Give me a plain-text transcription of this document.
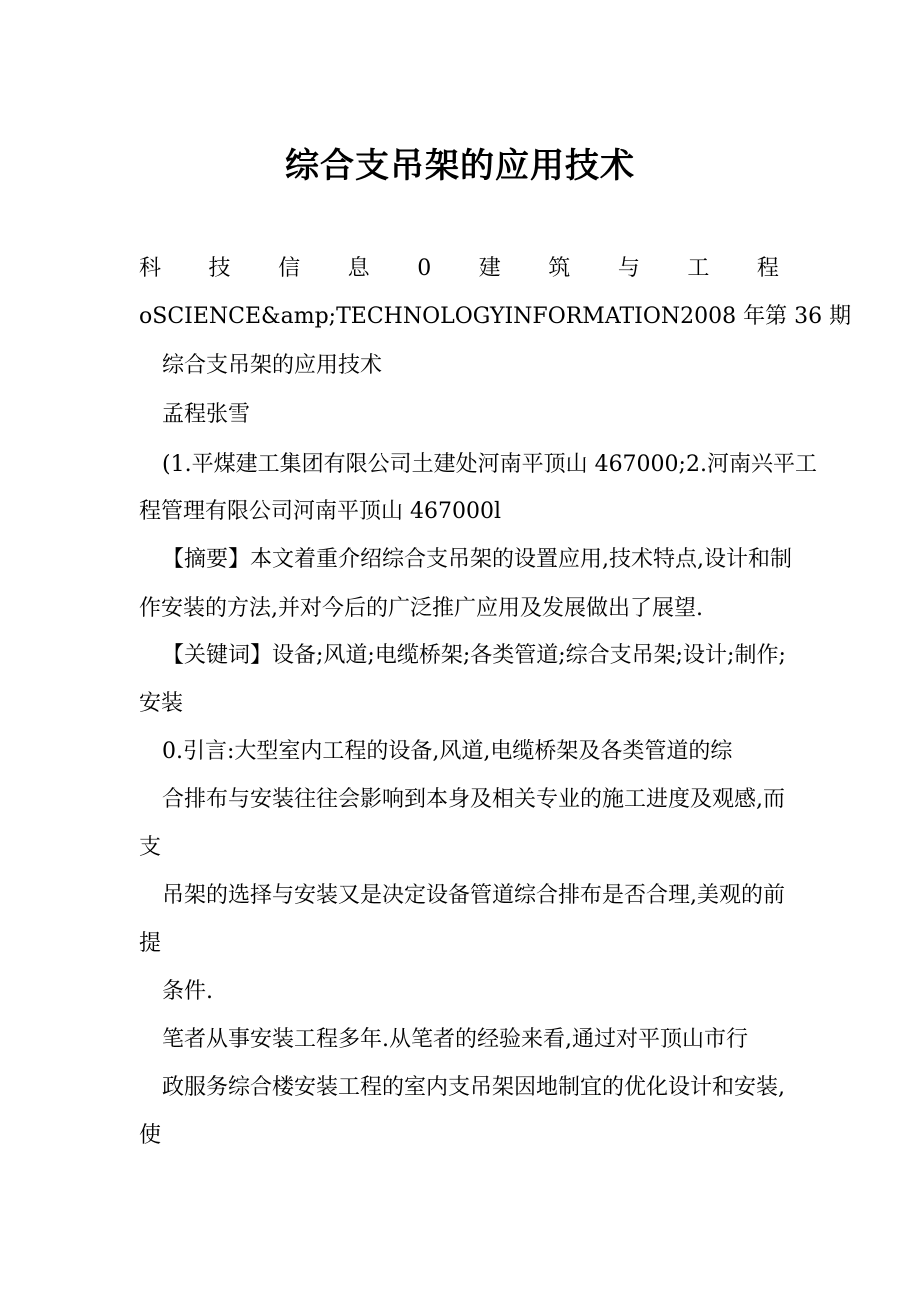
综合支吊架的应用技术
科 技 信 息 0 建 筑 与 工 程
oSCIENCE&amp;TECHNOLOGYINFORMATION2008 年第 36 期
综合支吊架的应用技术
孟程张雪
(1.平煤建工集团有限公司土建处河南平顶山 467000;2.河南兴平工
程管理有限公司河南平顶山 467000l
【摘要】本文着重介绍综合支吊架的设置应用,技术特点,设计和制
作安装的方法,并对今后的广泛推广应用及发展做出了展望.
【关键词】设备;风道;电缆桥架;各类管道;综合支吊架;设计;制作;
安装
0.引言:大型室内工程的设备,风道,电缆桥架及各类管道的综
合排布与安装往往会影响到本身及相关专业的施工进度及观感,而
支
吊架的选择与安装又是决定设备管道综合排布是否合理,美观的前
提
条件.
笔者从事安装工程多年.从笔者的经验来看,通过对平顶山市行
政服务综合楼安装工程的室内支吊架因地制宜的优化设计和安装,
使
